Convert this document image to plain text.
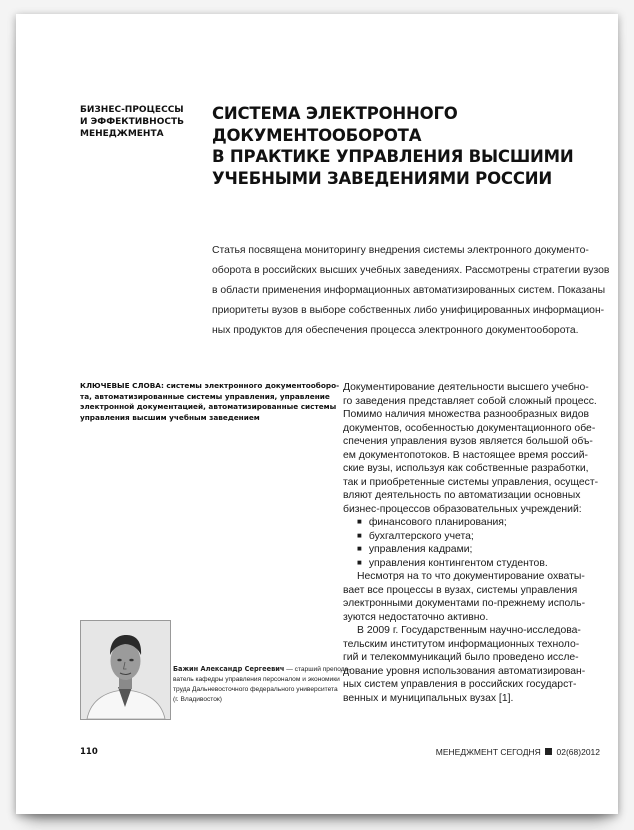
БИЗНЕС-ПРОЦЕССЫ
И ЭФФЕКТИВНОСТЬ
МЕНЕДЖМЕНТА
СИСТЕМА ЭЛЕКТРОННОГО
ДОКУМЕНТООБОРОТА
В ПРАКТИКЕ УПРАВЛЕНИЯ ВЫСШИМИ
УЧЕБНЫМИ ЗАВЕДЕНИЯМИ РОССИИ
Статья посвящена мониторингу внедрения системы электронного документо-
оборота в российских высших учебных заведениях. Рассмотрены стратегии вузов
в области применения информационных автоматизированных систем. Показаны
приоритеты вузов в выборе собственных либо унифицированных информацион-
ных продуктов для обеспечения процесса электронного документооборота.
КЛЮЧЕВЫЕ СЛОВА: системы электронного документооборо-
та, автоматизированные системы управления, управление
электронной документацией, автоматизированные системы
управления высшим учебным заведением
Документирование деятельности высшего учебно-
го заведения представляет собой сложный процесс.
Помимо наличия множества разнообразных видов
документов, особенностью документационного обе-
спечения управления вузов является большой объ-
ем документопотоков. В настоящее время россий-
ские вузы, используя как собственные разработки,
так и приобретенные системы управления, осущест-
вляют деятельность по автоматизации основных
бизнес-процессов образовательных учреждений:
■ финансового планирования;
■ бухгалтерского учета;
■ управления кадрами;
■ управления контингентом студентов.
Несмотря на то что документирование охваты-
вает все процессы в вузах, системы управления
электронными документами по-прежнему исполь-
зуются недостаточно активно.
В 2009 г. Государственным научно-исследова-
тельским институтом информационных техноло-
гий и телекоммуникаций было проведено иссле-
дование уровня использования автоматизирован-
ных систем управления в российских государст-
венных и муниципальных вузах [1].
Бажин Александр Сергеевич — старший препода-
ватель кафедры управления персоналом и экономики
труда Дальневосточного федерального университета
(г. Владивосток)
110	МЕНЕДЖМЕНТ СЕГОДНЯ 02(68)2012
